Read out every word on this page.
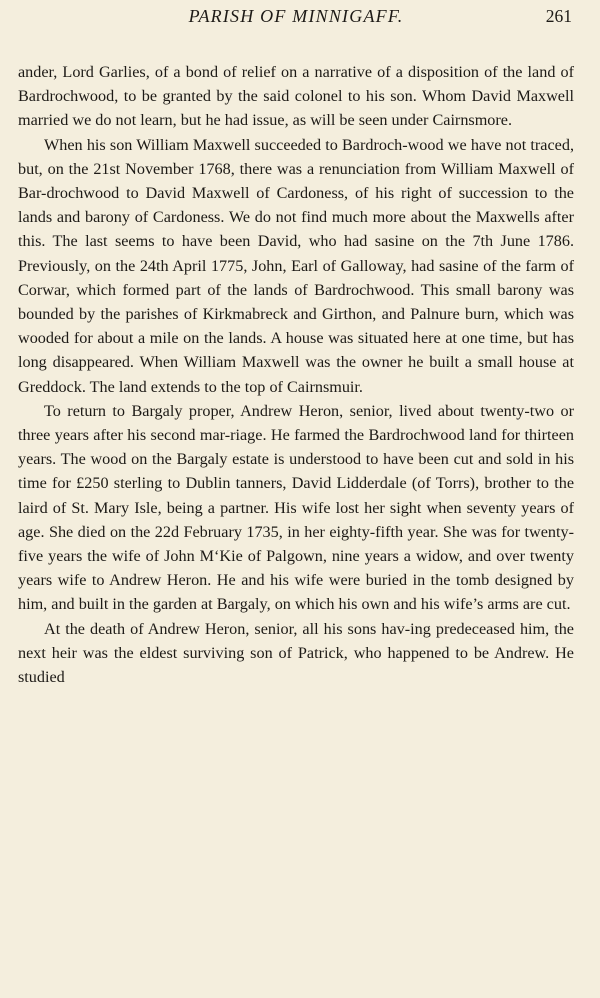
PARISH OF MINNIGAFF.	261

ander, Lord Garlies, of a bond of relief on a narrative of a disposition of the land of Bardrochwood, to be granted by the said colonel to his son. Whom David Maxwell married we do not learn, but he had issue, as will be seen under Cairnsmore.

When his son William Maxwell succeeded to Bardroch-wood we have not traced, but, on the 21st November 1768, there was a renunciation from William Maxwell of Bar-drochwood to David Maxwell of Cardoness, of his right of succession to the lands and barony of Cardoness. We do not find much more about the Maxwells after this. The last seems to have been David, who had sasine on the 7th June 1786. Previously, on the 24th April 1775, John, Earl of Galloway, had sasine of the farm of Corwar, which formed part of the lands of Bardrochwood. This small barony was bounded by the parishes of Kirkmabreck and Girthon, and Palnure burn, which was wooded for about a mile on the lands. A house was situated here at one time, but has long disappeared. When William Maxwell was the owner he built a small house at Greddock. The land extends to the top of Cairnsmuir.

To return to Bargaly proper, Andrew Heron, senior, lived about twenty-two or three years after his second mar-riage. He farmed the Bardrochwood land for thirteen years. The wood on the Bargaly estate is understood to have been cut and sold in his time for £250 sterling to Dublin tanners, David Lidderdale (of Torrs), brother to the laird of St. Mary Isle, being a partner. His wife lost her sight when seventy years of age. She died on the 22d February 1735, in her eighty-fifth year. She was for twenty-five years the wife of John M‘Kie of Palgown, nine years a widow, and over twenty years wife to Andrew Heron. He and his wife were buried in the tomb designed by him, and built in the garden at Bargaly, on which his own and his wife’s arms are cut.

At the death of Andrew Heron, senior, all his sons hav-ing predeceased him, the next heir was the eldest surviving son of Patrick, who happened to be Andrew. He studied
